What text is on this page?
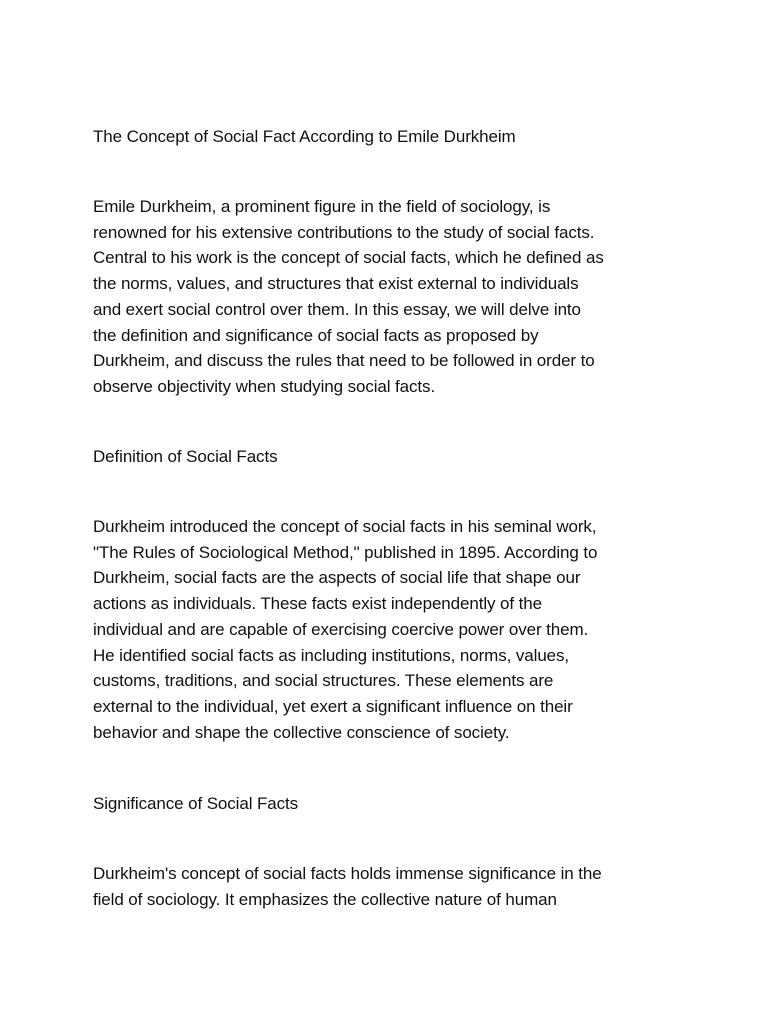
The Concept of Social Fact According to Emile Durkheim

Emile Durkheim, a prominent figure in the field of sociology, is
renowned for his extensive contributions to the study of social facts.
Central to his work is the concept of social facts, which he defined as
the norms, values, and structures that exist external to individuals
and exert social control over them. In this essay, we will delve into
the definition and significance of social facts as proposed by
Durkheim, and discuss the rules that need to be followed in order to
observe objectivity when studying social facts.

Definition of Social Facts

Durkheim introduced the concept of social facts in his seminal work,
"The Rules of Sociological Method," published in 1895. According to
Durkheim, social facts are the aspects of social life that shape our
actions as individuals. These facts exist independently of the
individual and are capable of exercising coercive power over them.
He identified social facts as including institutions, norms, values,
customs, traditions, and social structures. These elements are
external to the individual, yet exert a significant influence on their
behavior and shape the collective conscience of society.

Significance of Social Facts

Durkheim's concept of social facts holds immense significance in the
field of sociology. It emphasizes the collective nature of human
